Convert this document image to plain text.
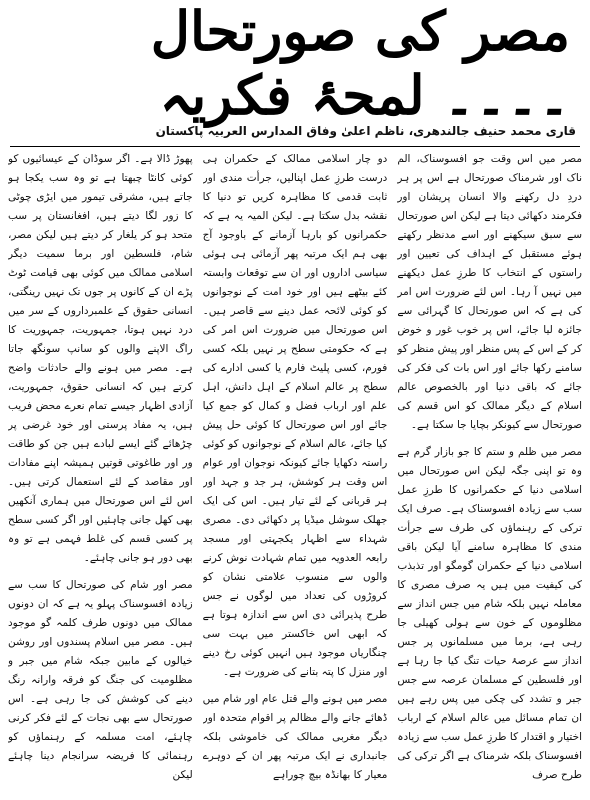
مصر کی صورتحال ۔۔۔۔ لمحۂ فکریہ
قاری محمد حنیف جالندھری، ناظم اعلیٰ وفاق المدارس العربیہ پاکستان

مصر میں اس وقت جو افسوسناک، الم ناک اور شرمناک صورتحال ہے اس پر ہر دردِ دل رکھنے والا انسان پریشان اور فکرمند دکھائی دیتا ہے لیکن اس صورتحال سے سبق سیکھنے اور اسے مدنظر رکھتے ہوئے مستقبل کے اہداف کی تعیین اور راستوں کے انتخاب کا طرزِ عمل دیکھنے میں نہیں آ رہا۔ اس لئے ضرورت اس امر کی ہے کہ اس صورتحال کا گہرائی سے جائزہ لیا جائے، اس پر خوب غور و خوض کر کے اس کے پس منظر اور پیش منظر کو سامنے رکھا جائے اور اس بات کی فکر کی جائے کہ باقی دنیا اور بالخصوص عالم اسلام کے دیگر ممالک کو اس قسم کی صورتحال سے کیونکر بچایا جا سکتا ہے۔

مصر میں ظلم و ستم کا جو بازار گرم ہے وہ تو اپنی جگہ لیکن اس صورتحال میں اسلامی دنیا کے حکمرانوں کا طرزِ عمل سب سے زیادہ افسوسناک ہے۔ صرف ایک ترکی کے رہنماؤں کی طرف سے جرأت مندی کا مظاہرہ سامنے آیا لیکن باقی اسلامی دنیا کے حکمران گومگو اور تذبذب کی کیفیت میں ہیں یہ صرف مصری کا معاملہ نہیں بلکہ شام میں جس انداز سے مظلوموں کے خون سے ہولی کھیلی جا رہی ہے، برما میں مسلمانوں پر جس انداز سے عرصۂ حیات تنگ کیا جا رہا ہے اور فلسطین کے مسلمان عرصہ سے جس جبر و تشدد کی چکی میں پس رہے ہیں ان تمام مسائل میں عالم اسلام کے ارباب اختیار و اقتدار کا طرزِ عمل سب سے زیادہ افسوسناک بلکہ شرمناک ہے اگر ترکی کی طرح صرف

دو چار اسلامی ممالک کے حکمران ہی درست طرزِ عمل اپنالیں، جرأت مندی اور ثابت قدمی کا مظاہرہ کریں تو دنیا کا نقشہ بدل سکتا ہے۔ لیکن المیہ یہ ہے کہ حکمرانوں کو بارہا آزمانے کے باوجود آج بھی ہم ایک مرتبہ پھر آزمائی ہی ہوئی سیاسی اداروں اور ان سے توقعات وابستہ کئے بیٹھے ہیں اور خود امت کے نوجوانوں کو کوئی لائحہ عمل دینے سے قاصر ہیں۔ اس صورتحال میں ضرورت اس امر کی ہے کہ حکومتی سطح پر نہیں بلکہ کسی فورم، کسی پلیٹ فارم یا کسی ادارے کی سطح پر عالم اسلام کے اہل دانش، اہل علم اور ارباب فضل و کمال کو جمع کیا جائے اور اس صورتحال کا کوئی حل پیش کیا جائے، عالم اسلام کے نوجوانوں کو کوئی راستہ دکھایا جائے کیونکہ نوجوان اور عوام اس وقت ہر کوشش، ہر جد و جہد اور ہر قربانی کے لئے تیار ہیں۔ اس کی ایک جھلک سوشل میڈیا پر دکھائی دی۔ مصری شہداء سے اظہار یکجہتی اور مسجد رابعہ العدویہ میں تمام شہادت نوش کرنے والوں سے منسوب علامتی نشان کو کروڑوں کی تعداد میں لوگوں نے جس طرح پذیرائی دی اس سے اندازہ ہوتا ہے کہ ابھی اس خاکستر میں بہت سی چنگاریاں موجود ہیں انہیں کوئی رخ دینے اور منزل کا پتہ بتانے کی ضرورت ہے۔

مصر میں ہونے والے قتل عام اور شام میں ڈھائے جانے والے مظالم پر اقوام متحدہ اور دیگر مغربی ممالک کی خاموشی بلکہ جانبداری نے ایک مرتبہ پھر ان کے دوہرے معیار کا بھانڈہ بیچ چوراہے

پھوڑ ڈالا ہے۔ اگر سوڈان کے عیسائیوں کو کوئی کانٹا چبھتا ہے تو وہ سب یکجا ہو جاتے ہیں، مشرقی تیمور میں ایڑی چوٹی کا زور لگا دیتے ہیں، افغانستان پر سب متحد ہو کر یلغار کر دیتے ہیں لیکن مصر، شام، فلسطین اور برما سمیت دیگر اسلامی ممالک میں کوئی بھی قیامت ٹوٹ پڑے ان کے کانوں پر جوں تک نہیں رینگتی، انسانی حقوق کے علمبرداروں کے سر میں درد نہیں ہوتا، جمہوریت، جمہوریت کا راگ الاپنے والوں کو سانپ سونگھ جاتا ہے۔ مصر میں ہونے والے حادثات واضح کرتے ہیں کہ انسانی حقوق، جمہوریت، آزادی اظہار جیسے تمام نعرے محض فریب ہیں، یہ مفاد پرستی اور خود غرضی پر چڑھائے گئے ایسے لبادے ہیں جن کو طاقت ور اور طاغوتی قوتیں ہمیشہ اپنے مفادات اور مقاصد کے لئے استعمال کرتی ہیں۔ اس لئے اس صورتحال میں ہماری آنکھیں بھی کھل جانی چاہئیں اور اگر کسی سطح پر کسی قسم کی غلط فہمی ہے تو وہ بھی دور ہو جانی چاہئے۔

مصر اور شام کی صورتحال کا سب سے زیادہ افسوسناک پہلو یہ ہے کہ ان دونوں ممالک میں دونوں طرف کلمہ گو موجود ہیں۔ مصر میں اسلام پسندوں اور روشن خیالوں کے مابین جبکہ شام میں جبر و مظلومیت کی جنگ کو فرقہ وارانہ رنگ دینے کی کوشش کی جا رہی ہے۔ اس صورتحال سے بھی نجات کے لئے فکر کرنی چاہئے، امت مسلمہ کے رہنماؤں کو رہنمائی کا فریضہ سرانجام دینا چاہئے لیکن
